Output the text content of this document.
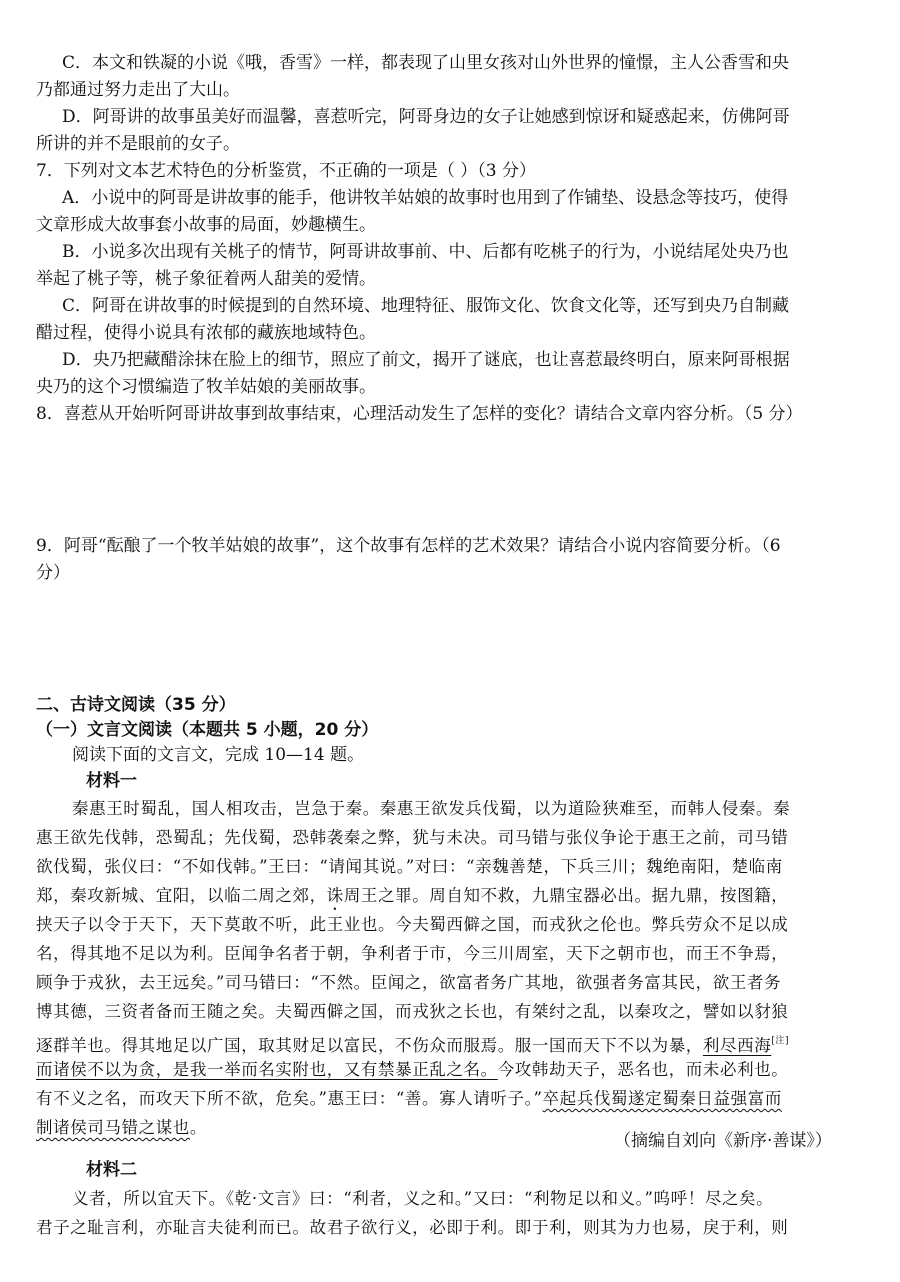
C．本文和铁凝的小说《哦，香雪》一样，都表现了山里女孩对山外世界的憧憬，主人公香雪和央
乃都通过努力走出了大山。
D．阿哥讲的故事虽美好而温馨，喜惹听完，阿哥身边的女子让她感到惊讶和疑惑起来，仿佛阿哥
所讲的并不是眼前的女子。
7．下列对文本艺术特色的分析鉴赏，不正确的一项是（ ）（3 分）
A．小说中的阿哥是讲故事的能手，他讲牧羊姑娘的故事时也用到了作铺垫、设悬念等技巧，使得
文章形成大故事套小故事的局面，妙趣横生。
B．小说多次出现有关桃子的情节，阿哥讲故事前、中、后都有吃桃子的行为，小说结尾处央乃也
举起了桃子等，桃子象征着两人甜美的爱情。
C．阿哥在讲故事的时候提到的自然环境、地理特征、服饰文化、饮食文化等，还写到央乃自制藏
醋过程，使得小说具有浓郁的藏族地域特色。
D．央乃把藏醋涂抹在脸上的细节，照应了前文，揭开了谜底，也让喜惹最终明白，原来阿哥根据
央乃的这个习惯编造了牧羊姑娘的美丽故事。
8．喜惹从开始听阿哥讲故事到故事结束，心理活动发生了怎样的变化？请结合文章内容分析。（5 分）
9．阿哥“酝酿了一个牧羊姑娘的故事”，这个故事有怎样的艺术效果？请结合小说内容简要分析。（6
分）
二、古诗文阅读（35 分）
（一）文言文阅读（本题共 5 小题，20 分）
阅读下面的文言文，完成 10—14 题。
材料一
秦惠王时蜀乱，国人相攻击，岂急于秦。秦惠王欲发兵伐蜀，以为道险狭难至，而韩人侵秦。秦
惠王欲先伐韩，恐蜀乱；先伐蜀，恐韩袭秦之弊，犹与未决。司马错与张仪争论于惠王之前，司马错
欲伐蜀，张仪曰：“不如伐韩。”王曰：“请闻其说。”对曰：“亲魏善楚，下兵三川；魏绝南阳，楚临南
郑，秦攻新城、宜阳，以临二周之郊，诛周王之罪。周自知不救，九鼎宝器必出。据九鼎，按图籍，
挟天子以令于天下，天下莫敢不听，此王业也。今夫蜀西僻之国，而戎狄之伦也。弊兵劳众不足以成
名，得其地不足以为利。臣闻争名者于朝，争利者于市，今三川周室，天下之朝市也，而王不争焉，
顾争于戎狄，去王远矣。”司马错曰：“不然。臣闻之，欲富者务广其地，欲强者务富其民，欲王者务
博其德，三资者备而王随之矣。夫蜀西僻之国，而戎狄之长也，有桀纣之乱，以秦攻之，譬如以豺狼
逐群羊也。得其地足以广国，取其财足以富民，不伤众而服焉。服一国而天下不以为暴，利尽西海[注]
而诸侯不以为贪，是我一举而名实附也，又有禁暴正乱之名。今攻韩劫天子，恶名也，而未必利也。
有不义之名，而攻天下所不欲，危矣。”惠王曰：“善。寡人请听子。”卒起兵伐蜀遂定蜀秦日益强富而
制诸侯司马错之谋也。
（摘编自刘向《新序·善谋》）
材料二
义者，所以宜天下。《乾·文言》曰：“利者，义之和。”又曰：“利物足以和义。”呜呼！尽之矣。
君子之耻言利，亦耻言夫徒利而已。故君子欲行义，必即于利。即于利，则其为力也易，戾于利，则
